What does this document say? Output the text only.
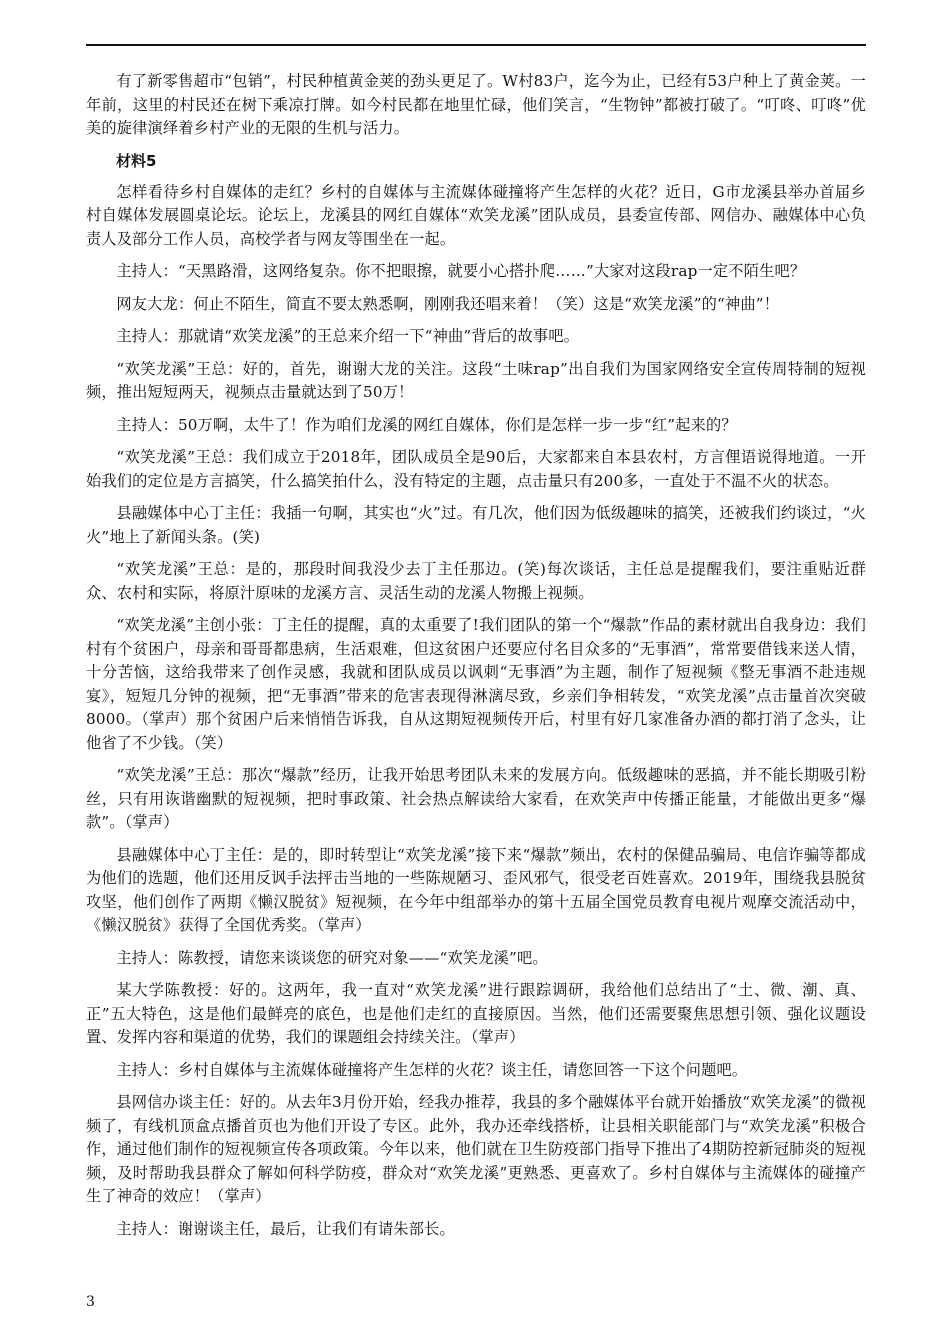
有了新零售超市“包销”，村民种植黄金荚的劲头更足了。W村83户，迄今为止，已经有53户种上了黄金荚。一年前，这里的村民还在树下乘凉打牌。如今村民都在地里忙碌，他们笑言，“生物钟”都被打破了。“叮咚、叮咚”优美的旋律演绎着乡村产业的无限的生机与活力。

材料5

怎样看待乡村自媒体的走红？乡村的自媒体与主流媒体碰撞将产生怎样的火花？近日，G市龙溪县举办首届乡村自媒体发展圆桌论坛。论坛上，龙溪县的网红自媒体“欢笑龙溪”团队成员，县委宣传部、网信办、融媒体中心负责人及部分工作人员，高校学者与网友等围坐在一起。

主持人：“天黑路滑，这网络复杂。你不把眼擦，就要小心搭扑爬……”大家对这段rap一定不陌生吧？

网友大龙：何止不陌生，简直不要太熟悉啊，刚刚我还唱来着！（笑）这是“欢笑龙溪”的“神曲”！

主持人：那就请“欢笑龙溪”的王总来介绍一下“神曲”背后的故事吧。

“欢笑龙溪”王总：好的，首先，谢谢大龙的关注。这段“土味rap”出自我们为国家网络安全宣传周特制的短视频，推出短短两天，视频点击量就达到了50万！

主持人：50万啊，太牛了！作为咱们龙溪的网红自媒体，你们是怎样一步一步“红”起来的？

“欢笑龙溪”王总：我们成立于2018年，团队成员全是90后，大家都来自本县农村，方言俚语说得地道。一开始我们的定位是方言搞笑，什么搞笑拍什么，没有特定的主题，点击量只有200多，一直处于不温不火的状态。

县融媒体中心丁主任：我插一句啊，其实也“火”过。有几次，他们因为低级趣味的搞笑，还被我们约谈过，“火火”地上了新闻头条。(笑)

“欢笑龙溪”王总：是的，那段时间我没少去丁主任那边。(笑)每次谈话，主任总是提醒我们，要注重贴近群众、农村和实际，将原汁原味的龙溪方言、灵活生动的龙溪人物搬上视频。

“欢笑龙溪”主创小张：丁主任的提醒，真的太重要了!我们团队的第一个“爆款”作品的素材就出自我身边：我们村有个贫困户，母亲和哥哥都患病，生活艰难，但这贫困户还要应付名目众多的“无事酒”，常常要借钱来送人情，十分苦恼，这给我带来了创作灵感，我就和团队成员以讽刺“无事酒”为主题，制作了短视频《整无事酒不赴违规宴》，短短几分钟的视频，把“无事酒”带来的危害表现得淋漓尽致，乡亲们争相转发，“欢笑龙溪”点击量首次突破8000。（掌声）那个贫困户后来悄悄告诉我，自从这期短视频传开后，村里有好几家准备办酒的都打消了念头，让他省了不少钱。（笑）

“欢笑龙溪”王总：那次“爆款”经历，让我开始思考团队未来的发展方向。低级趣味的恶搞，并不能长期吸引粉丝，只有用诙谐幽默的短视频，把时事政策、社会热点解读给大家看，在欢笑声中传播正能量，才能做出更多“爆款”。（掌声）

县融媒体中心丁主任：是的，即时转型让“欢笑龙溪”接下来“爆款”频出，农村的保健品骗局、电信诈骗等都成为他们的选题，他们还用反讽手法抨击当地的一些陈规陋习、歪风邪气，很受老百姓喜欢。2019年，围绕我县脱贫攻坚，他们创作了两期《懒汉脱贫》短视频，在今年中组部举办的第十五届全国党员教育电视片观摩交流活动中，《懒汉脱贫》获得了全国优秀奖。（掌声）

主持人：陈教授，请您来谈谈您的研究对象——“欢笑龙溪”吧。

某大学陈教授：好的。这两年，我一直对“欢笑龙溪”进行跟踪调研，我给他们总结出了“土、微、潮、真、正”五大特色，这是他们最鲜亮的底色，也是他们走红的直接原因。当然，他们还需要聚焦思想引领、强化议题设置、发挥内容和渠道的优势，我们的课题组会持续关注。（掌声）

主持人：乡村自媒体与主流媒体碰撞将产生怎样的火花？谈主任，请您回答一下这个问题吧。

县网信办谈主任：好的。从去年3月份开始，经我办推荐，我县的多个融媒体平台就开始播放“欢笑龙溪”的微视频了，有线机顶盒点播首页也为他们开设了专区。此外，我办还牵线搭桥，让县相关职能部门与“欢笑龙溪”积极合作，通过他们制作的短视频宣传各项政策。今年以来，他们就在卫生防疫部门指导下推出了4期防控新冠肺炎的短视频，及时帮助我县群众了解如何科学防疫，群众对“欢笑龙溪”更熟悉、更喜欢了。乡村自媒体与主流媒体的碰撞产生了神奇的效应！（掌声）

主持人：谢谢谈主任，最后，让我们有请朱部长。

3
